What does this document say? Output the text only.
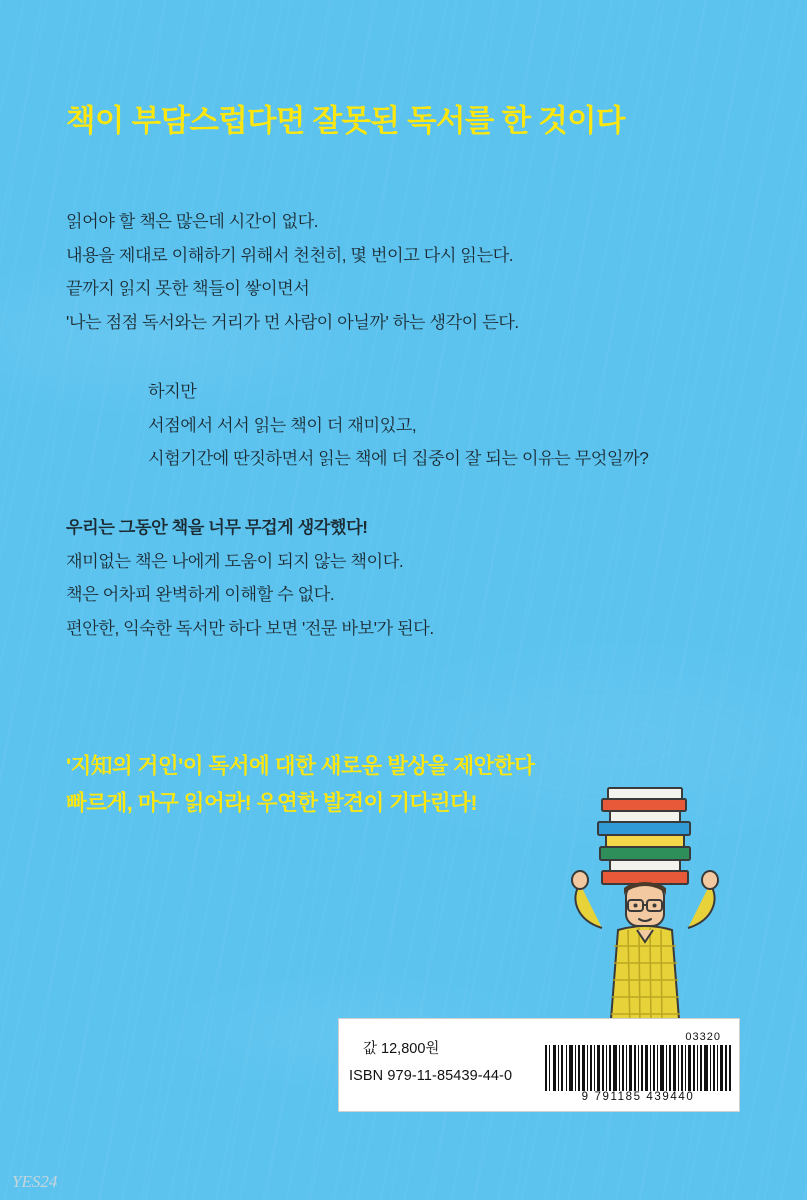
책이 부담스럽다면 잘못된 독서를 한 것이다

읽어야 할 책은 많은데 시간이 없다.

내용을 제대로 이해하기 위해서 천천히, 몇 번이고 다시 읽는다.

끝까지 읽지 못한 책들이 쌓이면서

'나는 점점 독서와는 거리가 먼 사람이 아닐까' 하는 생각이 든다.

하지만

서점에서 서서 읽는 책이 더 재미있고,

시험기간에 딴짓하면서 읽는 책에 더 집중이 잘 되는 이유는 무엇일까?

우리는 그동안 책을 너무 무겁게 생각했다!

재미없는 책은 나에게 도움이 되지 않는 책이다.

책은 어차피 완벽하게 이해할 수 없다.

편안한, 익숙한 독서만 하다 보면 '전문 바보'가 된다.

'지知의 거인'이 독서에 대한 새로운 발상을 제안한다

빠르게, 마구 읽어라! 우연한 발견이 기다린다!

값 12,800원
ISBN 979-11-85439-44-0
03320
9 791185 439440
YES24
